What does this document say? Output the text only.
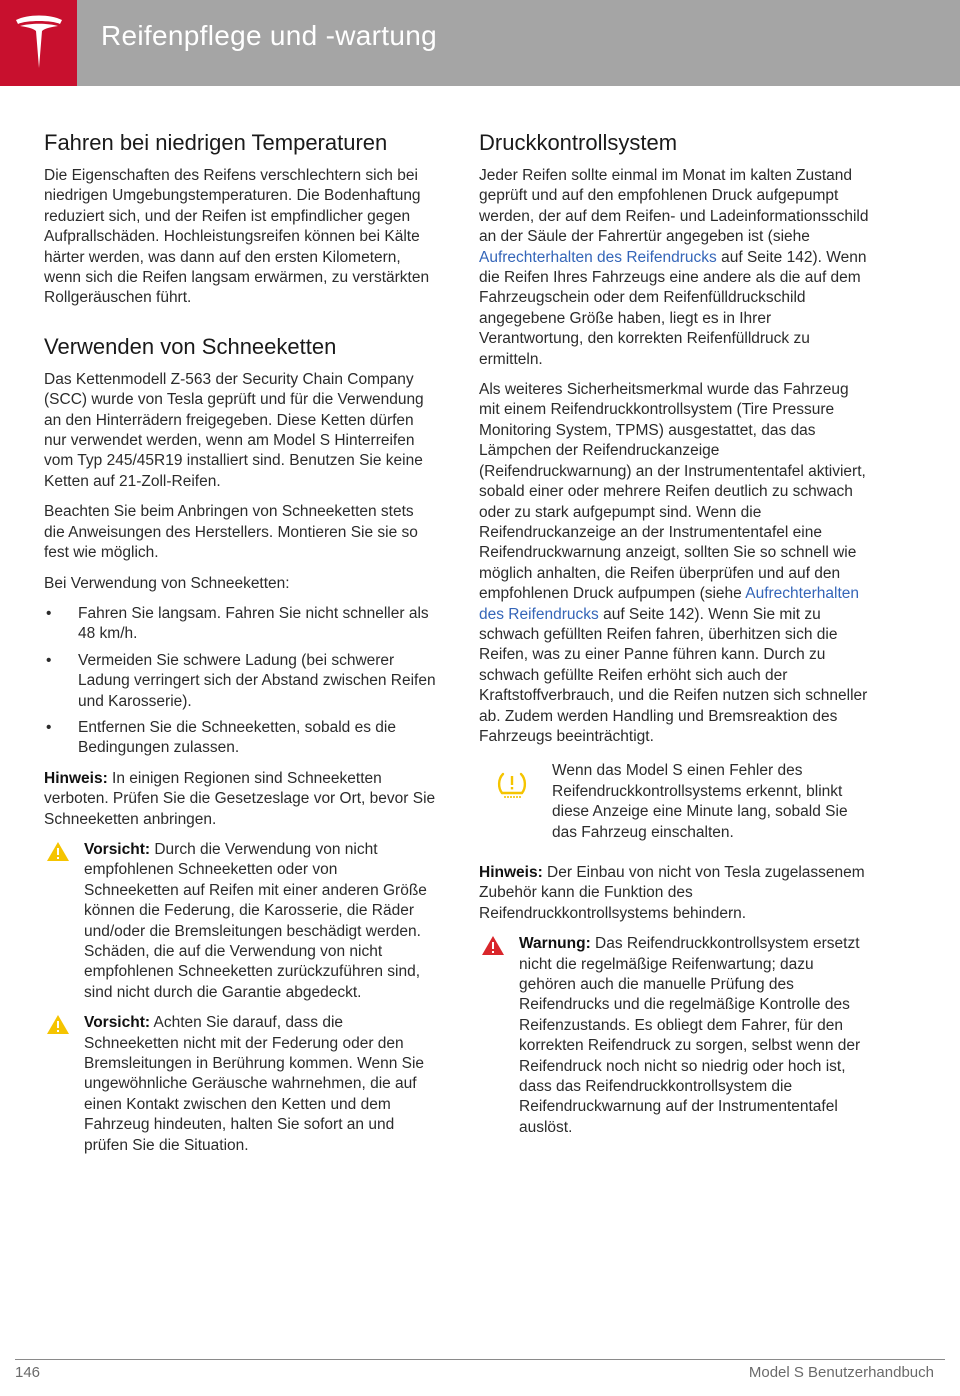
Reifenpflege und -wartung
Fahren bei niedrigen Temperaturen

Die Eigenschaften des Reifens verschlechtern sich bei niedrigen Umgebungstemperaturen. Die Bodenhaftung reduziert sich, und der Reifen ist empfindlicher gegen Aufprallschäden. Hochleistungsreifen können bei Kälte härter werden, was dann auf den ersten Kilometern, wenn sich die Reifen langsam erwärmen, zu verstärkten Rollgeräuschen führt.

Verwenden von Schneeketten

Das Kettenmodell Z-563 der Security Chain Company (SCC) wurde von Tesla geprüft und für die Verwendung an den Hinterrädern freigegeben. Diese Ketten dürfen nur verwendet werden, wenn am Model S Hinterreifen vom Typ 245/45R19 installiert sind. Benutzen Sie keine Ketten auf 21-Zoll-Reifen.

Beachten Sie beim Anbringen von Schneeketten stets die Anweisungen des Herstellers. Montieren Sie sie so fest wie möglich.

Bei Verwendung von Schneeketten:

• Fahren Sie langsam. Fahren Sie nicht schneller als 48 km/h.
• Vermeiden Sie schwere Ladung (bei schwerer Ladung verringert sich der Abstand zwischen Reifen und Karosserie).
• Entfernen Sie die Schneeketten, sobald es die Bedingungen zulassen.

Hinweis: In einigen Regionen sind Schneeketten verboten. Prüfen Sie die Gesetzeslage vor Ort, bevor Sie Schneeketten anbringen.

Vorsicht: Durch die Verwendung von nicht empfohlenen Schneeketten oder von Schneeketten auf Reifen mit einer anderen Größe können die Federung, die Karosserie, die Räder und/oder die Bremsleitungen beschädigt werden. Schäden, die auf die Verwendung von nicht empfohlenen Schneeketten zurückzuführen sind, sind nicht durch die Garantie abgedeckt.

Vorsicht: Achten Sie darauf, dass die Schneeketten nicht mit der Federung oder den Bremsleitungen in Berührung kommen. Wenn Sie ungewöhnliche Geräusche wahrnehmen, die auf einen Kontakt zwischen den Ketten und dem Fahrzeug hindeuten, halten Sie sofort an und prüfen Sie die Situation.

Druckkontrollsystem

Jeder Reifen sollte einmal im Monat im kalten Zustand geprüft und auf den empfohlenen Druck aufgepumpt werden, der auf dem Reifen- und Ladeinformationsschild an der Säule der Fahrertür angegeben ist (siehe Aufrechterhalten des Reifendrucks auf Seite 142). Wenn die Reifen Ihres Fahrzeugs eine andere als die auf dem Fahrzeugschein oder dem Reifenfülldruckschild angegebene Größe haben, liegt es in Ihrer Verantwortung, den korrekten Reifenfülldruck zu ermitteln.

Als weiteres Sicherheitsmerkmal wurde das Fahrzeug mit einem Reifendruckkontrollsystem (Tire Pressure Monitoring System, TPMS) ausgestattet, das das Lämpchen der Reifendruckanzeige (Reifendruckwarnung) an der Instrumententafel aktiviert, sobald einer oder mehrere Reifen deutlich zu schwach oder zu stark aufgepumpt sind. Wenn die Reifendruckanzeige an der Instrumententafel eine Reifendruckwarnung anzeigt, sollten Sie so schnell wie möglich anhalten, die Reifen überprüfen und auf den empfohlenen Druck aufpumpen (siehe Aufrechterhalten des Reifendrucks auf Seite 142). Wenn Sie mit zu schwach gefüllten Reifen fahren, überhitzen sich die Reifen, was zu einer Panne führen kann. Durch zu schwach gefüllte Reifen erhöht sich auch der Kraftstoffverbrauch, und die Reifen nutzen sich schneller ab. Zudem werden Handling und Bremsreaktion des Fahrzeugs beeinträchtigt.

Wenn das Model S einen Fehler des Reifendruckkontrollsystems erkennt, blinkt diese Anzeige eine Minute lang, sobald Sie das Fahrzeug einschalten.

Hinweis: Der Einbau von nicht von Tesla zugelassenem Zubehör kann die Funktion des Reifendruckkontrollsystems behindern.

Warnung: Das Reifendruckkontrollsystem ersetzt nicht die regelmäßige Reifenwartung; dazu gehören auch die manuelle Prüfung des Reifendrucks und die regelmäßige Kontrolle des Reifenzustands. Es obliegt dem Fahrer, für den korrekten Reifendruck zu sorgen, selbst wenn der Reifendruck noch nicht so niedrig oder hoch ist, dass das Reifendruckkontrollsystem die Reifendruckwarnung auf der Instrumententafel auslöst.

146	Model S Benutzerhandbuch
